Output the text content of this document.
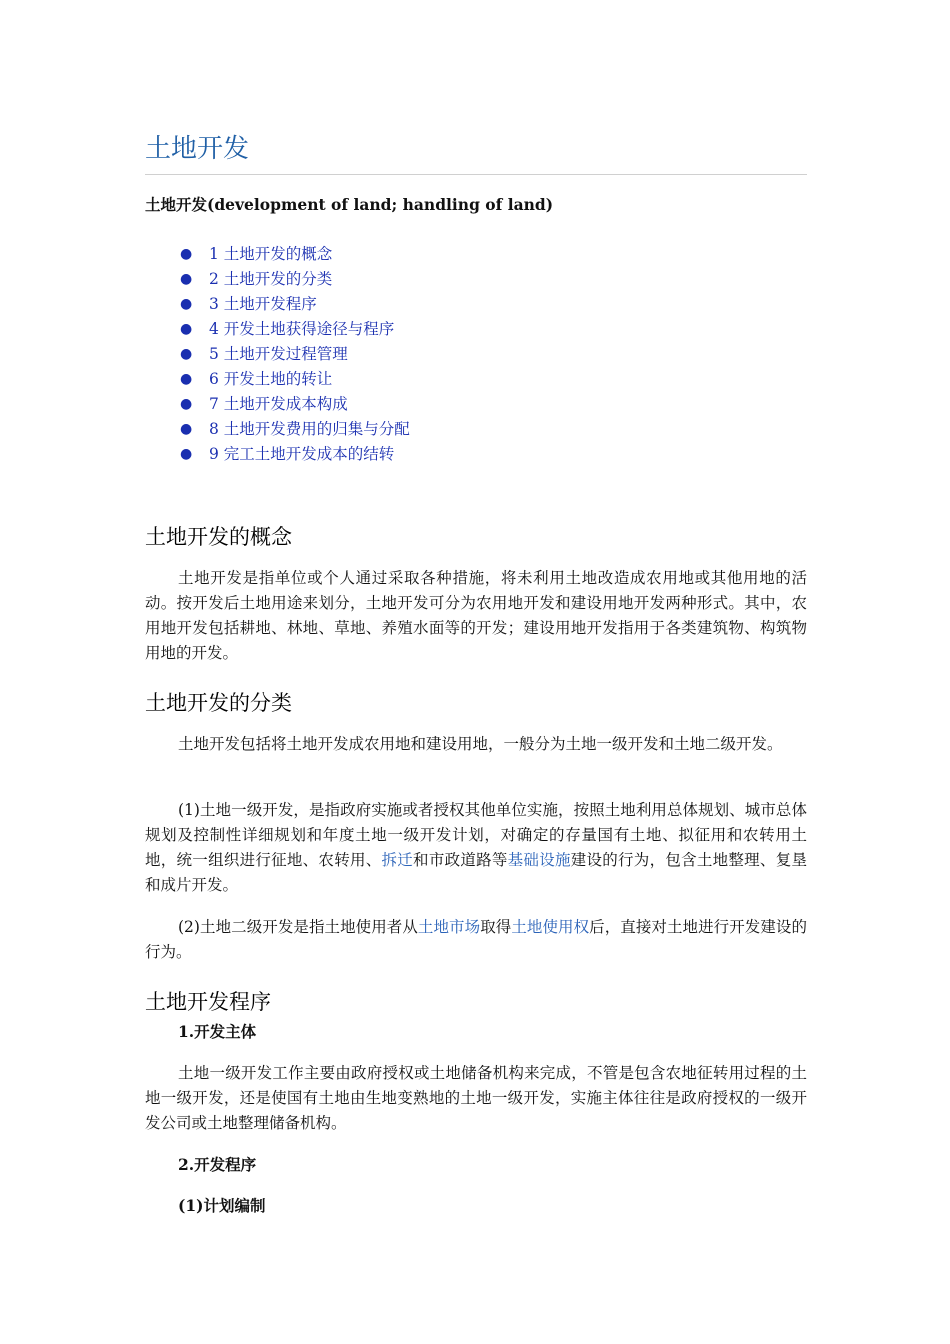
土地开发

土地开发(development of land; handling of land)

● 1 土地开发的概念
● 2 土地开发的分类
● 3 土地开发程序
● 4 开发土地获得途径与程序
● 5 土地开发过程管理
● 6 开发土地的转让
● 7 土地开发成本构成
● 8 土地开发费用的归集与分配
● 9 完工土地开发成本的结转
土地开发的概念

土地开发是指单位或个人通过采取各种措施，将未利用土地改造成农用地或其他用地的活动。按开发后土地用途来划分，土地开发可分为农用地开发和建设用地开发两种形式。其中，农用地开发包括耕地、林地、草地、养殖水面等的开发；建设用地开发指用于各类建筑物、构筑物用地的开发。

土地开发的分类

土地开发包括将土地开发成农用地和建设用地，一般分为土地一级开发和土地二级开发。

(1)土地一级开发，是指政府实施或者授权其他单位实施，按照土地利用总体规划、城市总体规划及控制性详细规划和年度土地一级开发计划，对确定的存量国有土地、拟征用和农转用土地，统一组织进行征地、农转用、拆迁和市政道路等基础设施建设的行为，包含土地整理、复垦和成片开发。

(2)土地二级开发是指土地使用者从土地市场取得土地使用权后，直接对土地进行开发建设的行为。

土地开发程序

1.开发主体

土地一级开发工作主要由政府授权或土地储备机构来完成，不管是包含农地征转用过程的土地一级开发，还是使国有土地由生地变熟地的土地一级开发，实施主体往往是政府授权的一级开发公司或土地整理储备机构。

2.开发程序

(1)计划编制
